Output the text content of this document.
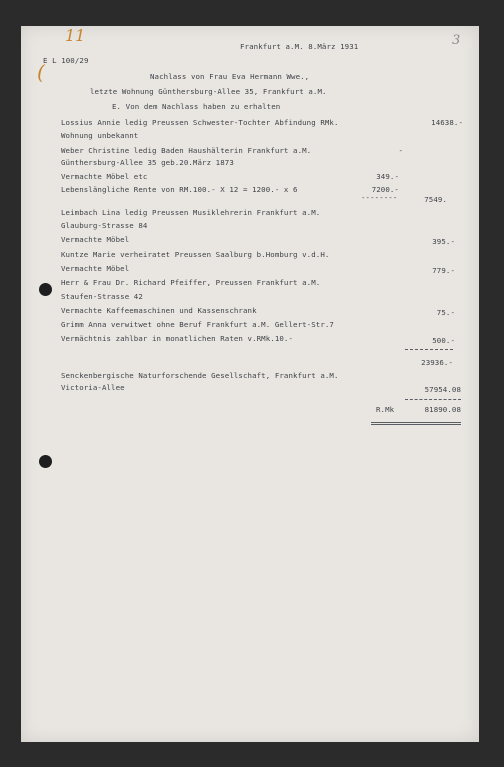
11
(
3
Frankfurt a.M. 8.März 1931
E L 100/29
Nachlass von Frau Eva Hermann Wwe.,
letzte Wohnung Günthersburg-Allee 35, Frankfurt a.M.
E. Von dem Nachlass haben zu erhalten
Lossius Annie ledig Preussen Schwester-Tochter Abfindung RMk.	14638.-
Wohnung unbekannt
Weber Christine ledig Baden Haushälterin Frankfurt a.M.	-
Günthersburg-Allee 35 geb.20.März 1873
Vermachte Möbel etc	349.-
Lebenslängliche Rente von RM.100.- X 12 = 1200.- x 6	7200.-
--------	7549.
Leimbach Lina ledig Preussen Musiklehrerin Frankfurt a.M.
Glauburg-Strasse 84
Vermachte Möbel	395.-
Kuntze Marie verheiratet Preussen Saalburg b.Homburg v.d.H.
Vermachte Möbel	779.-
Herr & Frau Dr. Richard Pfeiffer, Preussen Frankfurt a.M.
Staufen-Strasse 42
Vermachte Kaffeemaschinen und Kassenschrank	75.-
Grimm Anna verwitwet ohne Beruf Frankfurt a.M. Gellert-Str.7
Vermächtnis zahlbar in monatlichen Raten v.RMk.10.-	500.-
23936.-
Senckenbergische Naturforschende Gesellschaft, Frankfurt a.M.
Victoria-Allee	57954.08
R.Mk	81890.08
